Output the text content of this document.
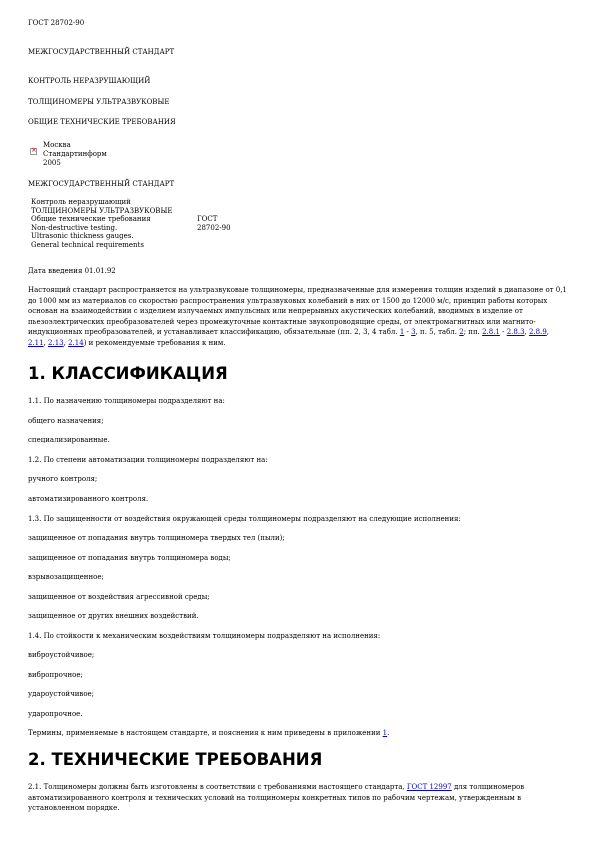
ГОСТ 28702-90
МЕЖГОСУДАРСТВЕННЫЙ СТАНДАРТ
КОНТРОЛЬ НЕРАЗРУШАЮЩИЙ
ТОЛЩИНОМЕРЫ УЛЬТРАЗВУКОВЫЕ
ОБЩИЕ ТЕХНИЧЕСКИЕ ТРЕБОВАНИЯ
×
Москва
Стандартинформ
2005
МЕЖГОСУДАРСТВЕННЫЙ СТАНДАРТ
Контроль неразрушающий
ТОЛЩИНОМЕРЫ УЛЬТРАЗВУКОВЫЕ
Общие технические требования	ГОСТ
Non-destructive testing.	28702-90
Ultrasonic thickness gauges.
General technical requirements
Дата введения 01.01.92
Настоящий стандарт распространяется на ультразвуковые толщиномеры, предназначенные для измерения толщин изделий в диапазоне от 0,1 до 1000 мм из материалов со скоростью распространения ультразвуковых колебаний в них от 1500 до 12000 м/с, принцип работы которых основан на взаимодействии с изделием излучаемых импульсных или непрерывных акустических колебаний, вводимых в изделие от пьезоэлектрических преобразователей через промежуточные контактные звукопроводящие среды, от электромагнитных или магнито-индукционных преобразователей, и устанавливает классификацию, обязательные (пп. 2, 3, 4 табл. 1 - 3, п. 5, табл. 2; пп. 2.8.1 - 2.8.3, 2.8.9, 2.11, 2.13, 2.14) и рекомендуемые требования к ним.
1. КЛАССИФИКАЦИЯ
1.1. По назначению толщиномеры подразделяют на:
общего назначения;
специализированные.
1.2. По степени автоматизации толщиномеры подразделяют на:
ручного контроля;
автоматизированного контроля.
1.3. По защищенности от воздействия окружающей среды толщиномеры подразделяют на следующие исполнения:
защищенное от попадания внутрь толщиномера твердых тел (пыли);
защищенное от попадания внутрь толщиномера воды;
взрывозащищенное;
защищенное от воздействия агрессивной среды;
защищенное от других внешних воздействий.
1.4. По стойкости к механическим воздействиям толщиномеры подразделяют на исполнения:
виброустойчивое;
вибропрочное;
удароустойчивое;
ударопрочное.
Термины, применяемые в настоящем стандарте, и пояснения к ним приведены в приложении 1.
2. ТЕХНИЧЕСКИЕ ТРЕБОВАНИЯ
2.1. Толщиномеры должны быть изготовлены в соответствии с требованиями настоящего стандарта, ГОСТ 12997 для толщиномеров автоматизированного контроля и технических условий на толщиномеры конкретных типов по рабочим чертежам, утвержденным в установленном порядке.
